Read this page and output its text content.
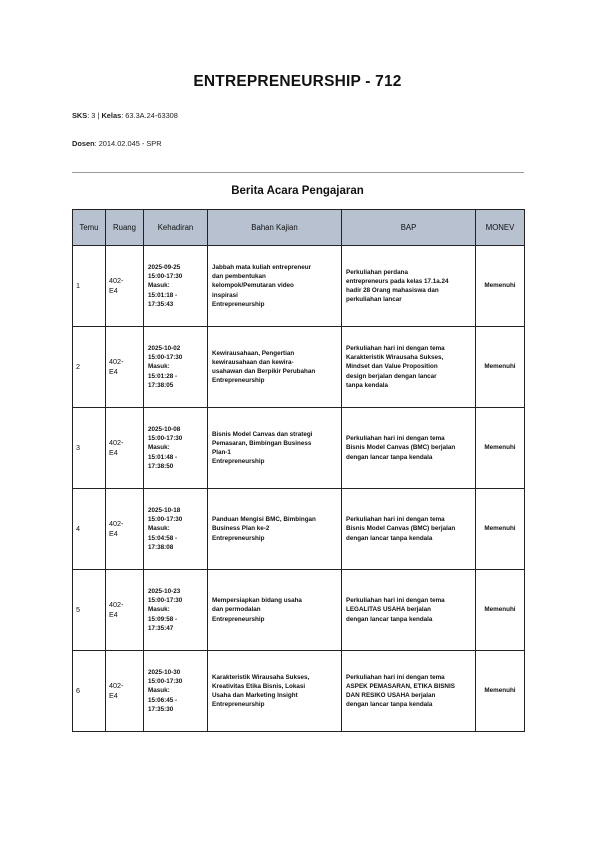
ENTREPRENEURSHIP - 712
SKS: 3 | Kelas: 63.3A.24-63308
Dosen: 2014.02.045 - SPR
Berita Acara Pengajaran
Temu	Ruang	Kehadiran	Bahan Kajian	BAP	MONEV
1	402-
E4	2025-09-25
15:00-17:30
Masuk:
15:01:18 -
17:35:43	Jabbah mata kuliah entrepreneur
dan pembentukan
kelompok/Pemutaran video
inspirasi
Entrepreneurship	Perkuliahan perdana
entrepreneurs pada kelas 17.1a.24
hadir 28 Orang mahasiswa dan
perkuliahan lancar	Memenuhi
2	402-
E4	2025-10-02
15:00-17:30
Masuk:
15:01:28 -
17:38:05	Kewirausahaan, Pengertian
kewirausahaan dan kewira-
usahawan dan Berpikir Perubahan
Entrepreneurship	Perkuliahan hari ini dengan tema
Karakteristik Wirausaha Sukses,
Mindset dan Value Proposition
design berjalan dengan lancar
tanpa kendala	Memenuhi
3	402-
E4	2025-10-08
15:00-17:30
Masuk:
15:01:48 -
17:38:50	Bisnis Model Canvas dan strategi
Pemasaran, Bimbingan Business
Plan-1
Entrepreneurship	Perkuliahan hari ini dengan tema
Bisnis Model Canvas (BMC) berjalan
dengan lancar tanpa kendala	Memenuhi
4	402-
E4	2025-10-18
15:00-17:30
Masuk:
15:04:58 -
17:38:08	Panduan Mengisi BMC, Bimbingan
Business Plan ke-2
Entrepreneurship	Perkuliahan hari ini dengan tema
Bisnis Model Canvas (BMC) berjalan
dengan lancar tanpa kendala	Memenuhi
5	402-
E4	2025-10-23
15:00-17:30
Masuk:
15:09:58 -
17:35:47	Mempersiapkan bidang usaha
dan permodalan
Entrepreneurship	Perkuliahan hari ini dengan tema
LEGALITAS USAHA berjalan
dengan lancar tanpa kendala	Memenuhi
6	402-
E4	2025-10-30
15:00-17:30
Masuk:
15:06:45 -
17:35:30	Karakteristik Wirausaha Sukses,
Kreativitas Etika Bisnis, Lokasi
Usaha dan Marketing Insight
Entrepreneurship	Perkuliahan hari ini dengan tema
ASPEK PEMASARAN, ETIKA BISNIS
DAN RESIKO USAHA berjalan
dengan lancar tanpa kendala	Memenuhi
